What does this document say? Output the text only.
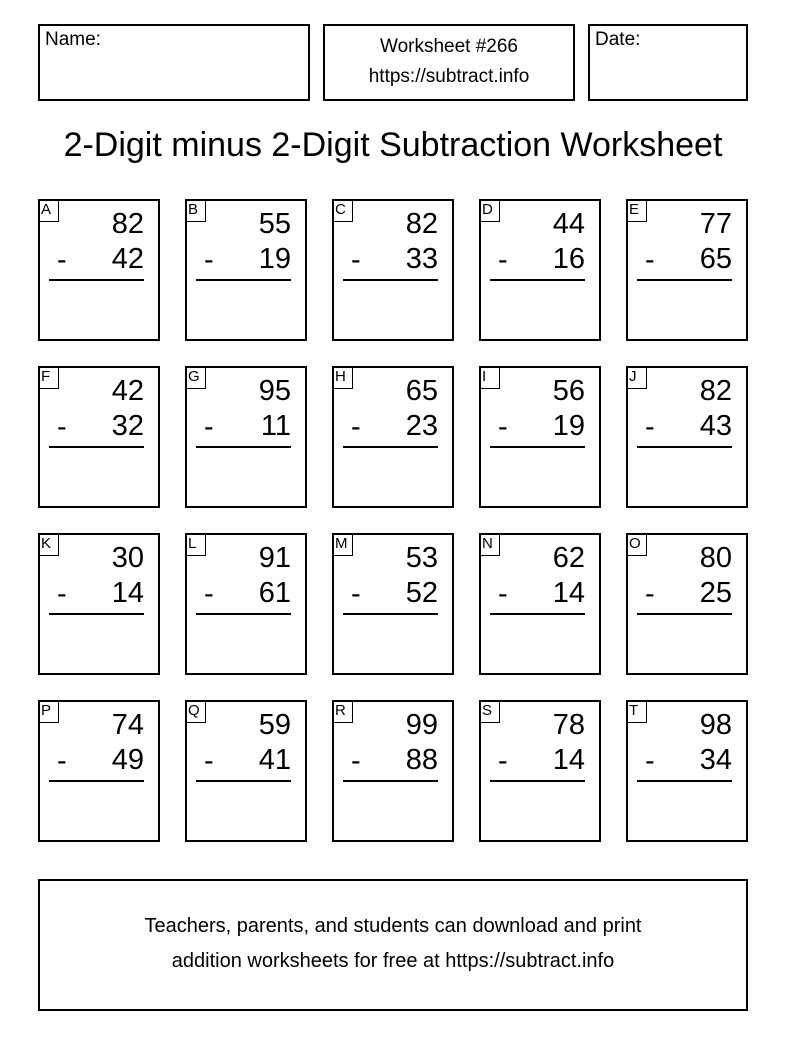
Name:	Worksheet #266
https://subtract.info
Date:
2-Digit minus 2-Digit Subtraction Worksheet
A 82
- 42
B 55
- 19
C 82
- 33
D 44
- 16
E 77
- 65
F	42
- 32
G 95
- 11
H 65
- 23
I	56
- 19
J	82
- 43
K 30
- 14
L	91
- 61
M 53
- 52
N 62
- 14
O 80
- 25
P 74
- 49
Q 59
- 41
R 99
- 88
S 78
- 14
T	98
- 34
Teachers, parents, and students can download and print
addition worksheets for free at https://subtract.info
